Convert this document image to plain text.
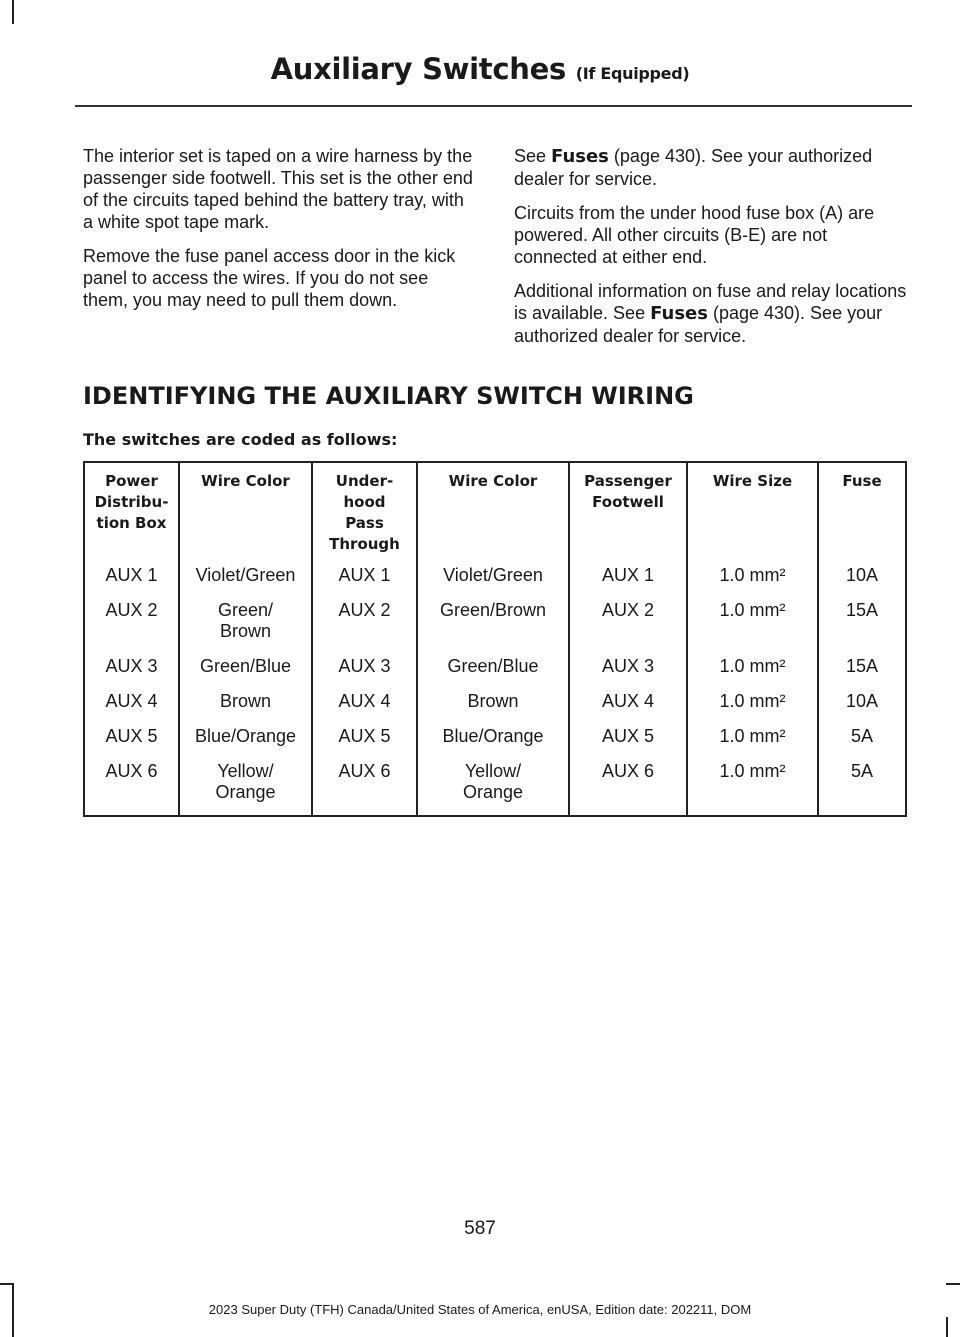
Auxiliary Switches (If Equipped)

The interior set is taped on a wire harness by the passenger side footwell. This set is the other end of the circuits taped behind the battery tray, with a white spot tape mark.

Remove the fuse panel access door in the kick panel to access the wires. If you do not see them, you may need to pull them down.

See Fuses (page 430). See your authorized dealer for service.

Circuits from the under hood fuse box (A) are powered. All other circuits (B-E) are not connected at either end.

Additional information on fuse and relay locations is available. See Fuses (page 430). See your authorized dealer for service.

IDENTIFYING THE AUXILIARY SWITCH WIRING
The switches are coded as follows:
Power
Distribu-
tion Box	Wire Color	Under-
hood
Pass
Through	Wire Color	Passenger
Footwell	Wire Size	Fuse
AUX 1	Violet/Green	AUX 1	Violet/Green	AUX 1	1.0 mm²	10A
AUX 2	Green/
Brown	AUX 2	Green/Brown	AUX 2	1.0 mm²	15A
AUX 3	Green/Blue	AUX 3	Green/Blue	AUX 3	1.0 mm²	15A
AUX 4	Brown	AUX 4	Brown	AUX 4	1.0 mm²	10A
AUX 5	Blue/Orange	AUX 5	Blue/Orange	AUX 5	1.0 mm²	5A
AUX 6	Yellow/
Orange	AUX 6	Yellow/
Orange	AUX 6	1.0 mm²	5A
587
2023 Super Duty (TFH) Canada/United States of America, enUSA, Edition date: 202211, DOM
